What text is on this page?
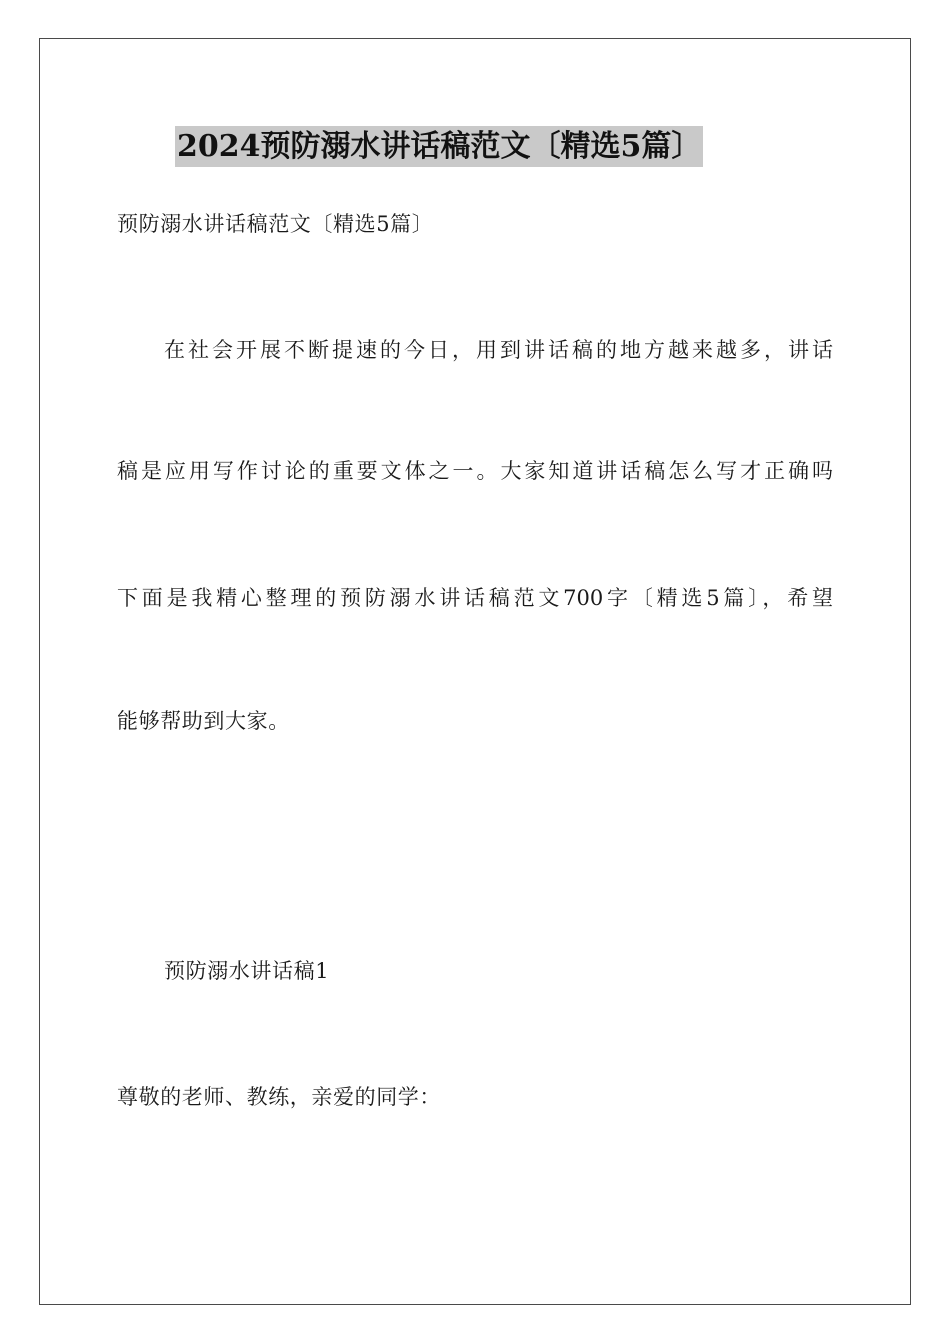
2024预防溺水讲话稿范文〔精选5篇〕
预防溺水讲话稿范文〔精选5篇〕
在社会开展不断提速的今日，用到讲话稿的地方越来越多，讲话
稿是应用写作讨论的重要文体之一。大家知道讲话稿怎么写才正确吗
下面是我精心整理的预防溺水讲话稿范文700字〔精选5篇〕，希望
能够帮助到大家。
预防溺水讲话稿1
尊敬的老师、教练，亲爱的同学：
